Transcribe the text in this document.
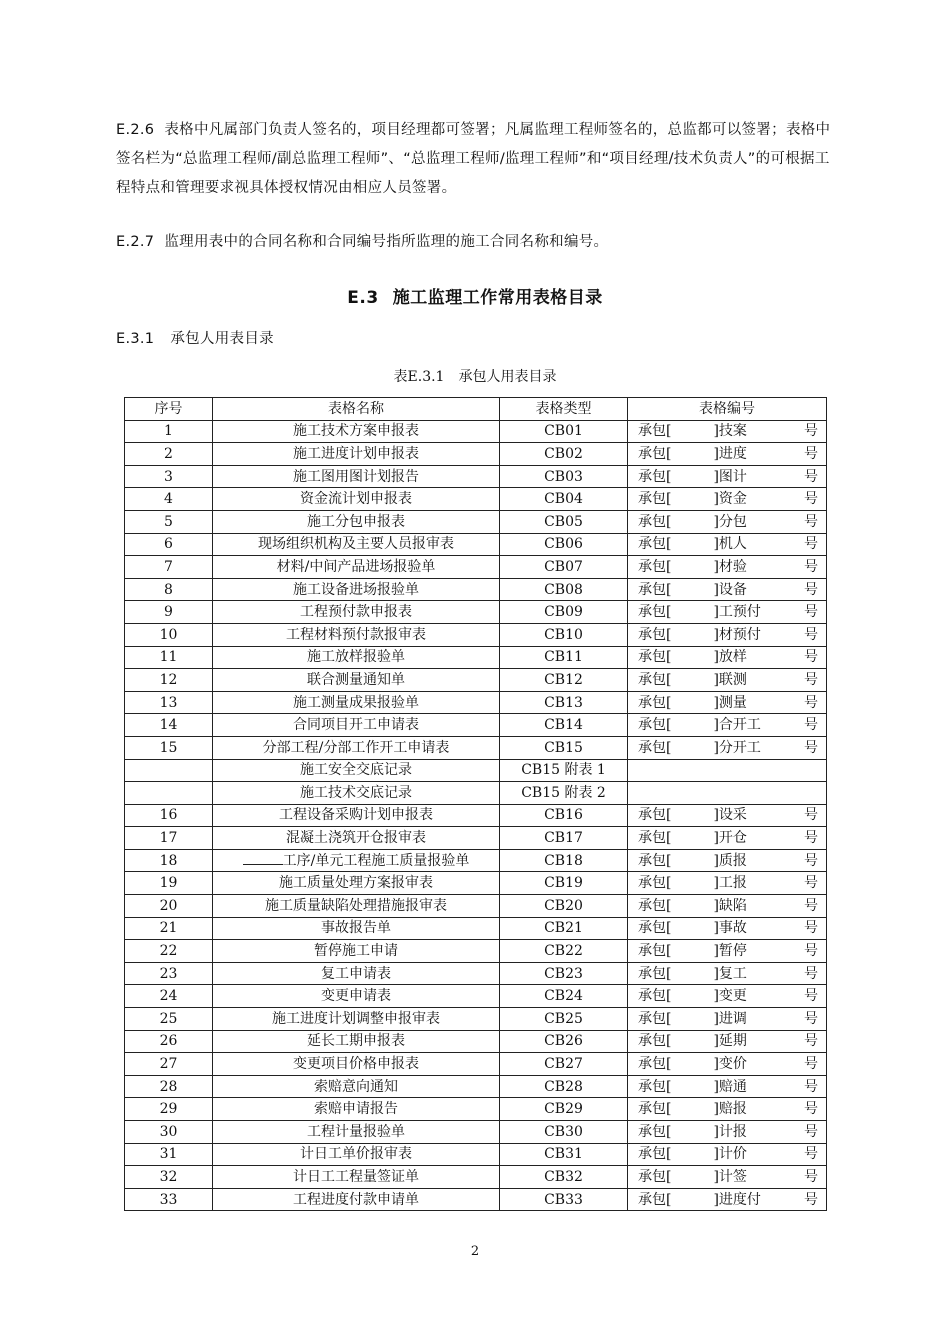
E.2.6 表格中凡属部门负责人签名的，项目经理都可签署；凡属监理工程师签名的，总监都可以签署；表格中签名栏为“总监理工程师/副总监理工程师”、“总监理工程师/监理工程师”和“项目经理/技术负责人”的可根据工程特点和管理要求视具体授权情况由相应人员签署。
E.2.7 监理用表中的合同名称和合同编号指所监理的施工合同名称和编号。
E.3 施工监理工作常用表格目录
E.3.1 承包人用表目录
表E.3.1 承包人用表目录
序号	表格名称	表格类型	表格编号
1	施工技术方案申报表	CB01	承包[ ]技案 号

2	施工进度计划申报表	CB02	承包[ ]进度 号

3	施工图用图计划报告	CB03	承包[ ]图计 号

4	资金流计划申报表	CB04	承包[ ]资金 号

5	施工分包申报表	CB05	承包[ ]分包 号

6	现场组织机构及主要人员报审表	CB06	承包[ ]机人 号

7	材料/中间产品进场报验单	CB07	承包[ ]材验 号

8	施工设备进场报验单	CB08	承包[ ]设备 号

9	工程预付款申报表	CB09	承包[ ]工预付 号

10	工程材料预付款报审表	CB10	承包[ ]材预付 号

11	施工放样报验单	CB11	承包[ ]放样 号

12	联合测量通知单	CB12	承包[ ]联测 号

13	施工测量成果报验单	CB13	承包[ ]测量 号

14	合同项目开工申请表	CB14	承包[ ]合开工 号

15	分部工程/分部工作开工申请表	CB15	承包[ ]分开工 号

	施工安全交底记录	CB15 附表 1	

	施工技术交底记录	CB15 附表 2	

16	工程设备采购计划申报表	CB16	承包[ ]设采 号

17	混凝土浇筑开仓报审表	CB17	承包[ ]开仓 号

18	工序/单元工程施工质量报验单	CB18	承包[ ]质报 号

19	施工质量处理方案报审表	CB19	承包[ ]工报 号

20	施工质量缺陷处理措施报审表	CB20	承包[ ]缺陷 号

21	事故报告单	CB21	承包[ ]事故 号

22	暂停施工申请	CB22	承包[ ]暂停 号

23	复工申请表	CB23	承包[ ]复工 号

24	变更申请表	CB24	承包[ ]变更 号

25	施工进度计划调整申报审表	CB25	承包[ ]进调 号

26	延长工期申报表	CB26	承包[ ]延期 号

27	变更项目价格申报表	CB27	承包[ ]变价 号

28	索赔意向通知	CB28	承包[ ]赔通 号

29	索赔申请报告	CB29	承包[ ]赔报 号

30	工程计量报验单	CB30	承包[ ]计报 号

31	计日工单价报审表	CB31	承包[ ]计价 号

32	计日工工程量签证单	CB32	承包[ ]计签 号

33	工程进度付款申请单	CB33	承包[ ]进度付 号
2
